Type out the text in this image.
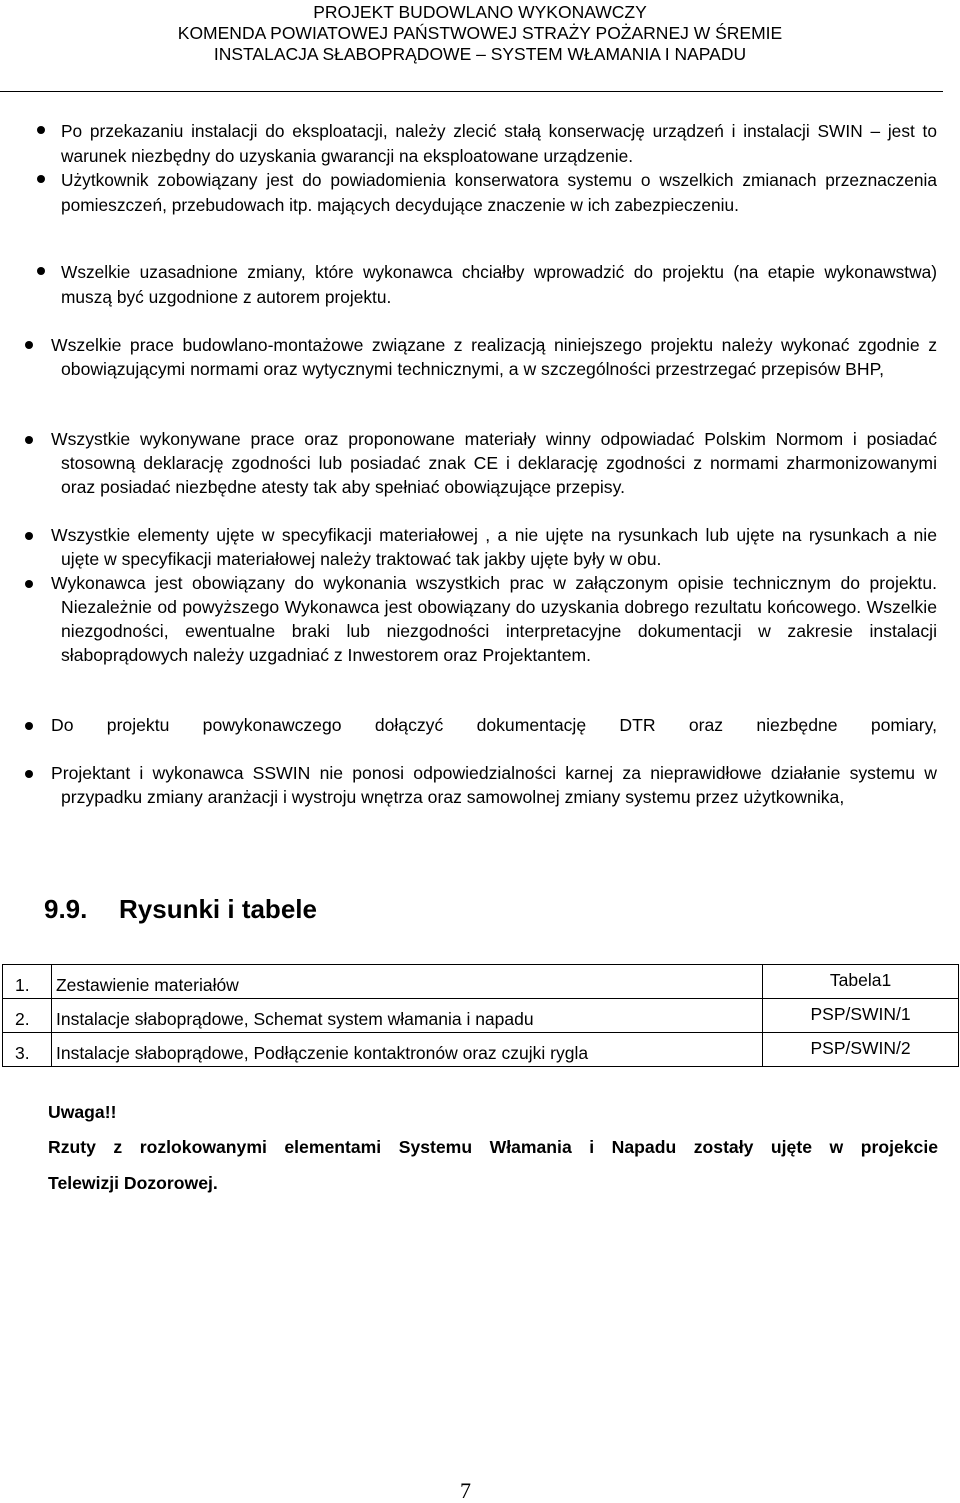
PROJEKT BUDOWLANO WYKONAWCZY
KOMENDA POWIATOWEJ PAŃSTWOWEJ STRAŻY POŻARNEJ W ŚREMIE
INSTALACJA SŁABOPRĄDOWE – SYSTEM WŁAMANIA I NAPADU
Po przekazaniu instalacji do eksploatacji, należy zlecić stałą konserwację urządzeń i instalacji SWIN – jest to warunek niezbędny do uzyskania gwarancji na eksploatowane urządzenie.
Użytkownik zobowiązany jest do powiadomienia konserwatora systemu o wszelkich zmianach przeznaczenia pomieszczeń, przebudowach itp. mających decydujące znaczenie w ich zabezpieczeniu.
Wszelkie uzasadnione zmiany, które wykonawca chciałby wprowadzić do projektu (na etapie wykonawstwa) muszą być uzgodnione z autorem projektu.
Wszelkie prace budowlano-montażowe związane z realizacją niniejszego projektu należy wykonać zgodnie z obowiązującymi normami oraz wytycznymi technicznymi, a w szczególności przestrzegać przepisów BHP,
Wszystkie wykonywane prace oraz proponowane materiały winny odpowiadać Polskim Normom i posiadać stosowną deklarację zgodności lub posiadać znak CE i deklarację zgodności z normami zharmonizowanymi oraz posiadać niezbędne atesty tak aby spełniać obowiązujące przepisy.
Wszystkie elementy ujęte w specyfikacji materiałowej , a nie ujęte na rysunkach lub ujęte na rysunkach a nie ujęte w specyfikacji materiałowej należy traktować tak jakby ujęte były w obu.
Wykonawca jest obowiązany do wykonania wszystkich prac w załączonym opisie technicznym do projektu. Niezależnie od powyższego Wykonawca jest obowiązany do uzyskania dobrego rezultatu końcowego. Wszelkie niezgodności, ewentualne braki lub niezgodności interpretacyjne dokumentacji w zakresie instalacji słaboprądowych należy uzgadniać z Inwestorem oraz Projektantem.
Do projektu powykonawczego dołączyć dokumentację DTR oraz niezbędne pomiary,
Projektant i wykonawca SSWIN nie ponosi odpowiedzialności karnej za nieprawidłowe działanie systemu w przypadku zmiany aranżacji i wystroju wnętrza oraz samowolnej zmiany systemu przez użytkownika,
9.9. Rysunki i tabele
1.	Zestawienie materiałów	Tabela1
2.	Instalacje słaboprądowe, Schemat system włamania i napadu	PSP/SWIN/1
3.	Instalacje słaboprądowe, Podłączenie kontaktronów oraz czujki rygla	PSP/SWIN/2
Uwaga!!
Rzuty z rozlokowanymi elementami Systemu Włamania i Napadu zostały ujęte w projekcie
Telewizji Dozorowej.
7
